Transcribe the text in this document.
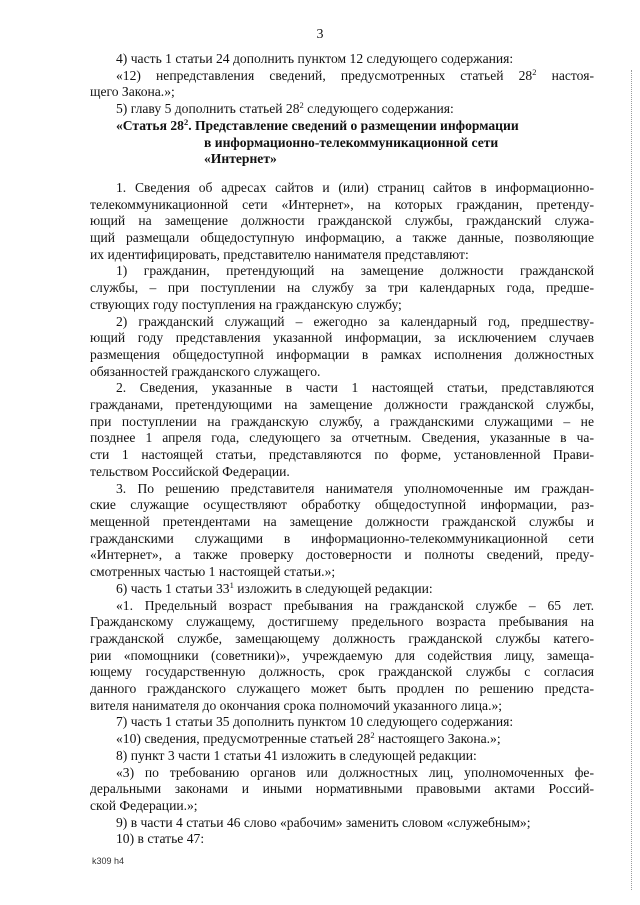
3

4) часть 1 статьи 24 дополнить пунктом 12 следующего содержания:

«12) непредставления сведений, предусмотренных статьей $28^2$ настоя-

щего Закона.»;

5) главу 5 дополнить статьей $28^2$ следующего содержания:

«Статья $28^2$. Представление сведений о размещении информации

в информационно-телекоммуникационной сети

«Интернет»

1. Сведения об адресах сайтов и (или) страниц сайтов в информационно-

телекоммуникационной сети «Интернет», на которых гражданин, претенду-

ющий на замещение должности гражданской службы, гражданский служа-

щий размещали общедоступную информацию, а также данные, позволяющие

их идентифицировать, представителю нанимателя представляют:

1) гражданин, претендующий на замещение должности гражданской

службы, – при поступлении на службу за три календарных года, предше-

ствующих году поступления на гражданскую службу;

2) гражданский служащий – ежегодно за календарный год, предшеству-

ющий году представления указанной информации, за исключением случаев

размещения общедоступной информации в рамках исполнения должностных

обязанностей гражданского служащего.

2. Сведения, указанные в части 1 настоящей статьи, представляются

гражданами, претендующими на замещение должности гражданской службы,

при поступлении на гражданскую службу, а гражданскими служащими – не

позднее 1 апреля года, следующего за отчетным. Сведения, указанные в ча-

сти 1 настоящей статьи, представляются по форме, установленной Прави-

тельством Российской Федерации.

3. По решению представителя нанимателя уполномоченные им граждан-

ские служащие осуществляют обработку общедоступной информации, раз-

мещенной претендентами на замещение должности гражданской службы и

гражданскими служащими в информационно-телекоммуникационной сети

«Интернет», а также проверку достоверности и полноты сведений, преду-

смотренных частью 1 настоящей статьи.»;

6) часть 1 статьи $33^1$ изложить в следующей редакции:

«1. Предельный возраст пребывания на гражданской службе – 65 лет.

Гражданскому служащему, достигшему предельного возраста пребывания на

гражданской службе, замещающему должность гражданской службы катего-

рии «помощники (советники)», учреждаемую для содействия лицу, замеща-

ющему государственную должность, срок гражданской службы с согласия

данного гражданского служащего может быть продлен по решению предста-

вителя нанимателя до окончания срока полномочий указанного лица.»;

7) часть 1 статьи 35 дополнить пунктом 10 следующего содержания:

«10) сведения, предусмотренные статьей $28^2$ настоящего Закона.»;

8) пункт 3 части 1 статьи 41 изложить в следующей редакции:

«3) по требованию органов или должностных лиц, уполномоченных фе-

деральными законами и иными нормативными правовыми актами Россий-

ской Федерации.»;

9) в части 4 статьи 46 слово «рабочим» заменить словом «служебным»;

10) в статье 47:

k309 h4
